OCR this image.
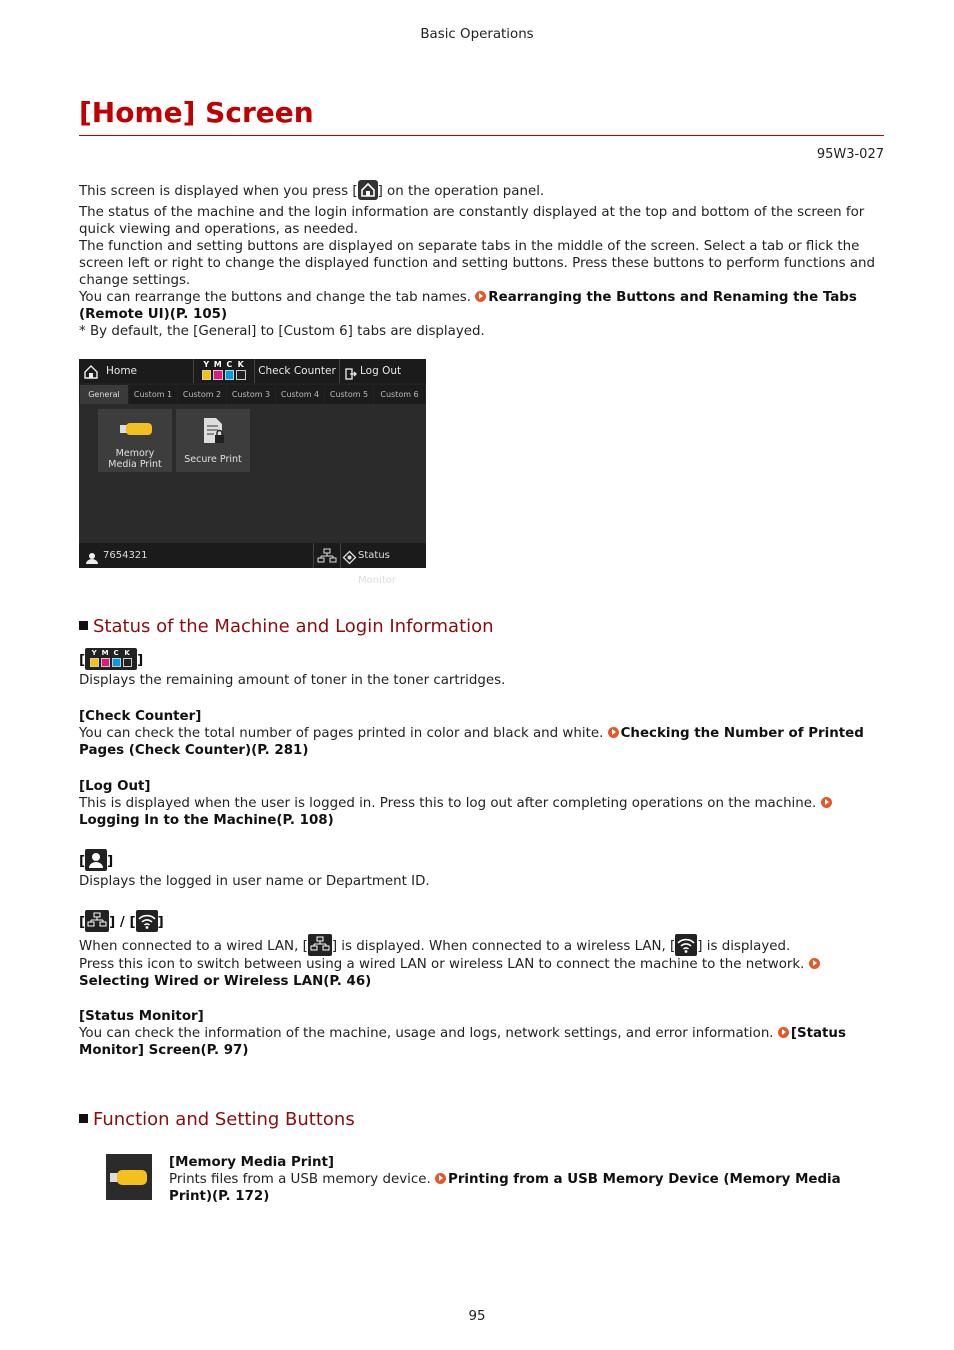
Basic Operations
[Home] Screen
95W3-027

This screen is displayed when you press [ ] on the operation panel.

The status of the machine and the login information are constantly displayed at the top and bottom of the screen for quick viewing and operations, as needed.

The function and setting buttons are displayed on separate tabs in the middle of the screen. Select a tab or flick the screen left or right to change the displayed function and setting buttons. Press these buttons to perform functions and change settings.

You can rearrange the buttons and change the tab names. Rearranging the Buttons and Renaming the Tabs (Remote UI)(P. 105)

* By default, the [General] to [Custom 6] tabs are displayed.

Home
Y M C K
Check Counter	Log Out
General	Custom 1	Custom 2	Custom 3	Custom 4	Custom 5	Custom 6
Memory Media Print	Secure Print
7654321	Status Monitor
Status of the Machine and Login Information
[ Y M C K ]

Displays the remaining amount of toner in the toner cartridges.

[Check Counter]

You can check the total number of pages printed in color and black and white. Checking the Number of Printed Pages (Check Counter)(P. 281)

[Log Out]

This is displayed when the user is logged in. Press this to log out after completing operations on the machine. Logging In to the Machine(P. 108)

[ ]

Displays the logged in user name or Department ID.

[ ] / [ ]

When connected to a wired LAN, [ ] is displayed. When connected to a wireless LAN, [ ] is displayed.

Press this icon to switch between using a wired LAN or wireless LAN to connect the machine to the network. Selecting Wired or Wireless LAN(P. 46)

[Status Monitor]

You can check the information of the machine, usage and logs, network settings, and error information. [Status Monitor] Screen(P. 97)

Function and Setting Buttons

[Memory Media Print]

Prints files from a USB memory device. Printing from a USB Memory Device (Memory Media Print)(P. 172)

95
